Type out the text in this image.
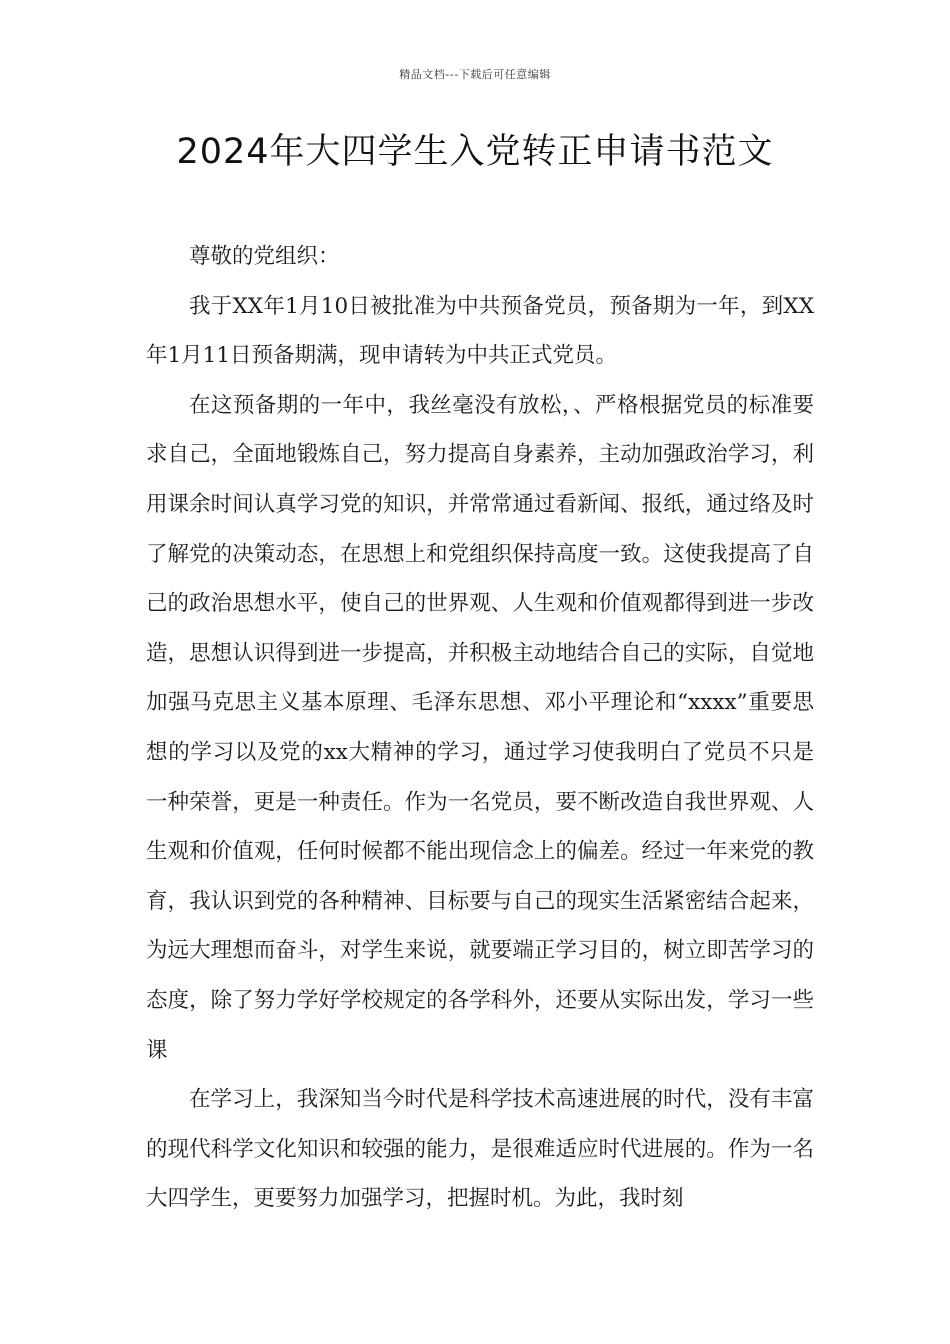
精品文档---下载后可任意编辑
2024年大四学生入党转正申请书范文

尊敬的党组织：

我于XX年1月10日被批准为中共预备党员，预备期为一年，到XX年1月11日预备期满，现申请转为中共正式党员。

在这预备期的一年中，我丝毫没有放松，、严格根据党员的标准要求自己，全面地锻炼自己，努力提高自身素养，主动加强政治学习，利用课余时间认真学习党的知识，并常常通过看新闻、报纸，通过络及时了解党的决策动态，在思想上和党组织保持高度一致。这使我提高了自己的政治思想水平，使自己的世界观、人生观和价值观都得到进一步改造，思想认识得到进一步提高，并积极主动地结合自己的实际，自觉地加强马克思主义基本原理、毛泽东思想、邓小平理论和“xxxx”重要思想的学习以及党的xx大精神的学习，通过学习使我明白了党员不只是一种荣誉，更是一种责任。作为一名党员，要不断改造自我世界观、人生观和价值观，任何时候都不能出现信念上的偏差。经过一年来党的教育，我认识到党的各种精神、目标要与自己的现实生活紧密结合起来，为远大理想而奋斗，对学生来说，就要端正学习目的，树立即苦学习的态度，除了努力学好学校规定的各学科外，还要从实际出发，学习一些课

在学习上，我深知当今时代是科学技术高速进展的时代，没有丰富的现代科学文化知识和较强的能力，是很难适应时代进展的。作为一名大四学生，更要努力加强学习，把握时机。为此，我时刻
